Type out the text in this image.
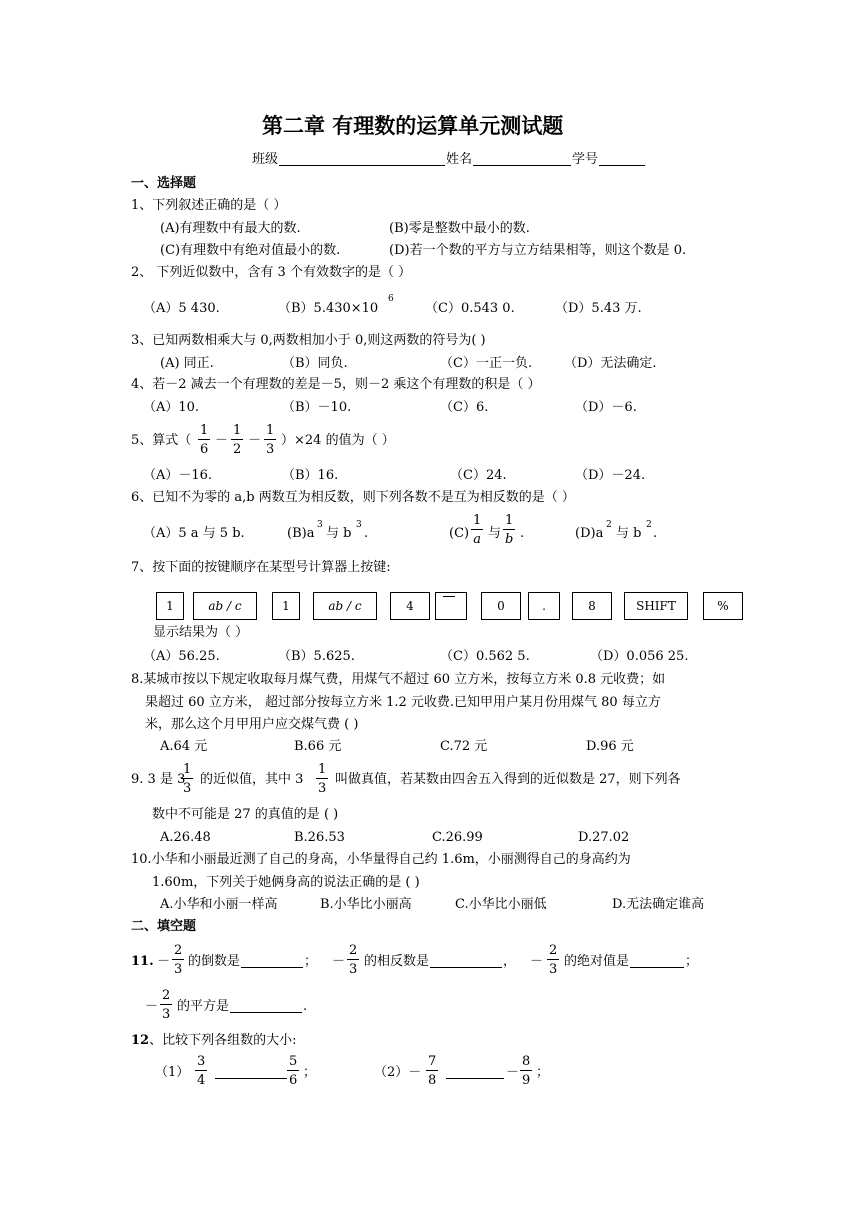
第二章 有理数的运算单元测试题
班级	姓名	学号
一、选择题
1、下列叙述正确的是（ ）
(A)有理数中有最大的数.	(B)零是整数中最小的数.
(C)有理数中有绝对值最小的数.	(D)若一个数的平方与立方结果相等，则这个数是 0.
2、 下列近似数中，含有 3 个有效数字的是（ ）
（A）5 430.	（B）5.430×10
6
（C）0.543 0.	（D）5.43 万.
3、已知两数相乘大与 0,两数相加小于 0,则这两数的符号为( )
(A) 同正.	（B）同负.	（C）一正一负. （D）无法确定.
4、若－2 减去一个有理数的差是－5，则－2 乘这个有理数的积是（ ）
（A）10.	（B）－10.	（C）6.	（D）－6.
5、算式（
1
6
－
1
2
－
1
3
）×24 的值为（ ）
（A）－16.	（B）16.	（C）24.	（D）－24.
6、已知不为零的 a,b 两数互为相反数，则下列各数不是互为相反数的是（ ）
（A）5 a 与 5 b.	(B)a
3
与 b
3
.	(C)
1
a 与
1
b .	(D)a
2
与 b
2
.
7、按下面的按键顺序在某型号计算器上按键:
1	ab / c	1	ab / c	4	0	.	8	SHIFT	%
显示结果为（ ）
（A）56.25.	（B）5.625.	（C）0.562 5.	（D）0.056 25.
8.某城市按以下规定收取每月煤气费，用煤气不超过 60 立方米，按每立方米 0.8 元收费；如
果超过 60 立方米， 超过部分按每立方米 1.2 元收费.已知甲用户某月份用煤气 80 每立方
米，那么这个月甲用户应交煤气费 ( )
A.64 元	B.66 元	C.72 元	D.96 元
9. 3 是 3
1
3
的近似值，其中 3
1
3
叫做真值，若某数由四舍五入得到的近似数是 27，则下列各
数中不可能是 27 的真值的是 ( )
A.26.48	B.26.53	C.26.99	D.27.02
10.小华和小丽最近测了自己的身高，小华量得自己约 1.6m，小丽测得自己的身高约为
1.60m，下列关于她俩身高的说法正确的是 ( )
A.小华和小丽一样高	B.小华比小丽高	C.小华比小丽低	D.无法确定谁高
二、填空题
11. －
2
3
的倒数是	； －
2
3
的相反数是	， －
2
3
的绝对值是	；
－
2
3
的平方是	.
12、比较下列各组数的大小:
（1）
3
4
5
6
；	（2）－
7
8
－
8
9
；
